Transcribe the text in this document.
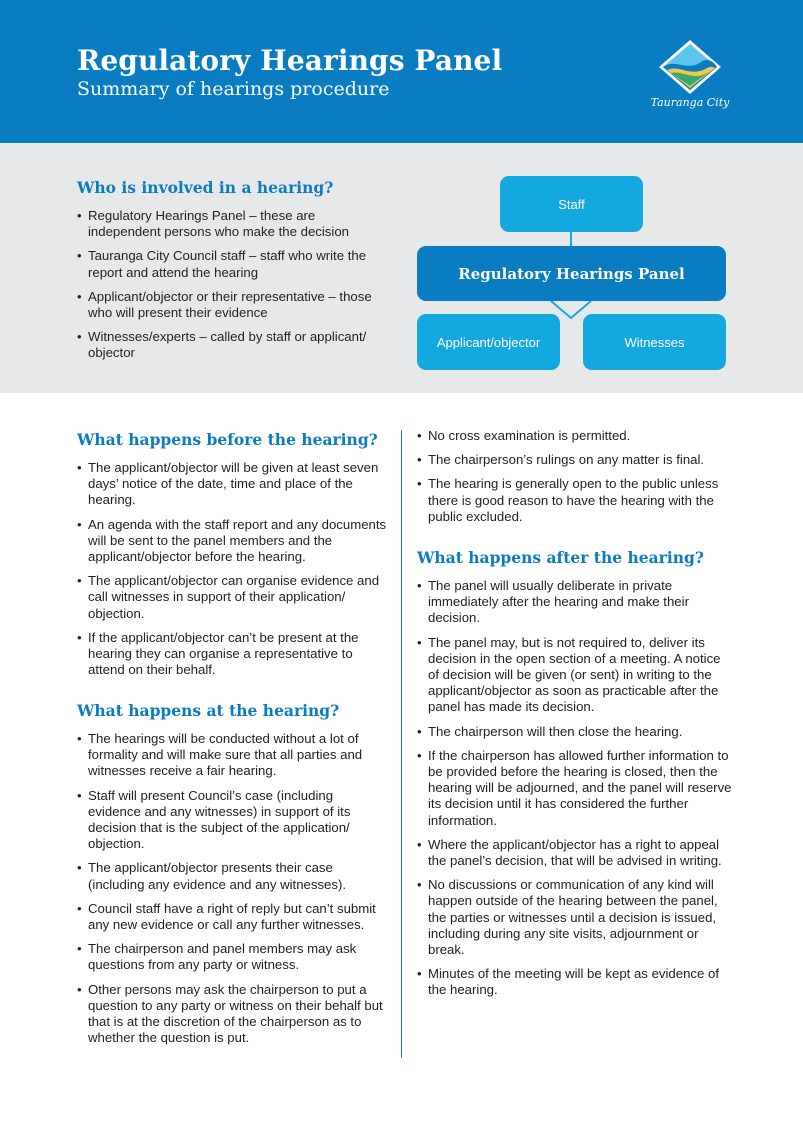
Regulatory Hearings Panel
Summary of hearings procedure
Tauranga City
Who is involved in a hearing?
• Regulatory Hearings Panel – these are independent persons who make the decision
• Tauranga City Council staff – staff who write the report and attend the hearing
• Applicant/objector or their representative – those who will present their evidence
• Witnesses/experts – called by staff or applicant/ objector
Staff
Regulatory Hearings Panel
Applicant/objector	Witnesses
What happens before the hearing?
• The applicant/objector will be given at least seven days’ notice of the date, time and place of the hearing.
• An agenda with the staff report and any documents will be sent to the panel members and the applicant/objector before the hearing.
• The applicant/objector can organise evidence and call witnesses in support of their application/ objection.
• If the applicant/objector can’t be present at the hearing they can organise a representative to attend on their behalf.
What happens at the hearing?
• The hearings will be conducted without a lot of formality and will make sure that all parties and witnesses receive a fair hearing.
• Staff will present Council’s case (including evidence and any witnesses) in support of its decision that is the subject of the application/ objection.
• The applicant/objector presents their case (including any evidence and any witnesses).
• Council staff have a right of reply but can’t submit any new evidence or call any further witnesses.
• The chairperson and panel members may ask questions from any party or witness.
• Other persons may ask the chairperson to put a question to any party or witness on their behalf but that is at the discretion of the chairperson as to whether the question is put.
• No cross examination is permitted.
• The chairperson’s rulings on any matter is final.
• The hearing is generally open to the public unless there is good reason to have the hearing with the public excluded.
What happens after the hearing?
• The panel will usually deliberate in private immediately after the hearing and make their decision.
• The panel may, but is not required to, deliver its decision in the open section of a meeting. A notice of decision will be given (or sent) in writing to the applicant/objector as soon as practicable after the panel has made its decision.
• The chairperson will then close the hearing.
• If the chairperson has allowed further information to be provided before the hearing is closed, then the hearing will be adjourned, and the panel will reserve its decision until it has considered the further information.
• Where the applicant/objector has a right to appeal the panel’s decision, that will be advised in writing.
• No discussions or communication of any kind will happen outside of the hearing between the panel, the parties or witnesses until a decision is issued, including during any site visits, adjournment or break.
• Minutes of the meeting will be kept as evidence of the hearing.
